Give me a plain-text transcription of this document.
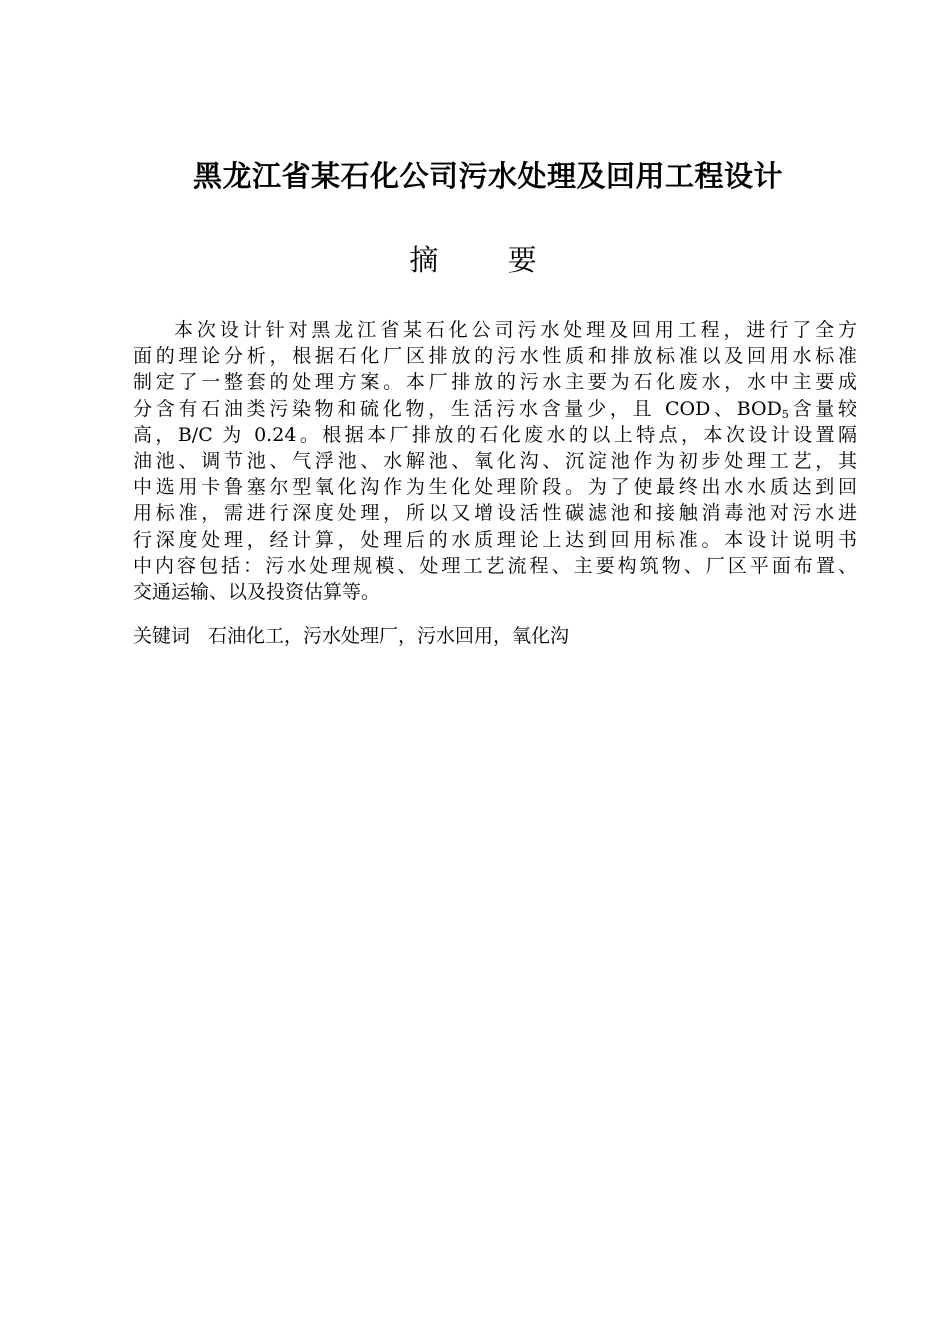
黑龙江省某石化公司污水处理及回用工程设计
摘 要
本次设计针对黑龙江省某石化公司污水处理及回用工程，进行了全方
面的理论分析，根据石化厂区排放的污水性质和排放标准以及回用水标准
制定了一整套的处理方案。本厂排放的污水主要为石化废水，水中主要成
分含有石油类污染物和硫化物，生活污水含量少，且 COD、$BOD_5$含量较
高，B/C 为 0.24。根据本厂排放的石化废水的以上特点，本次设计设置隔
油池、调节池、气浮池、水解池、氧化沟、沉淀池作为初步处理工艺，其
中选用卡鲁塞尔型氧化沟作为生化处理阶段。为了使最终出水水质达到回
用标准，需进行深度处理，所以又增设活性碳滤池和接触消毒池对污水进
行深度处理，经计算，处理后的水质理论上达到回用标准。本设计说明书
中内容包括：污水处理规模、处理工艺流程、主要构筑物、厂区平面布置、
交通运输、以及投资估算等。
关键词 石油化工，污水处理厂，污水回用，氧化沟
